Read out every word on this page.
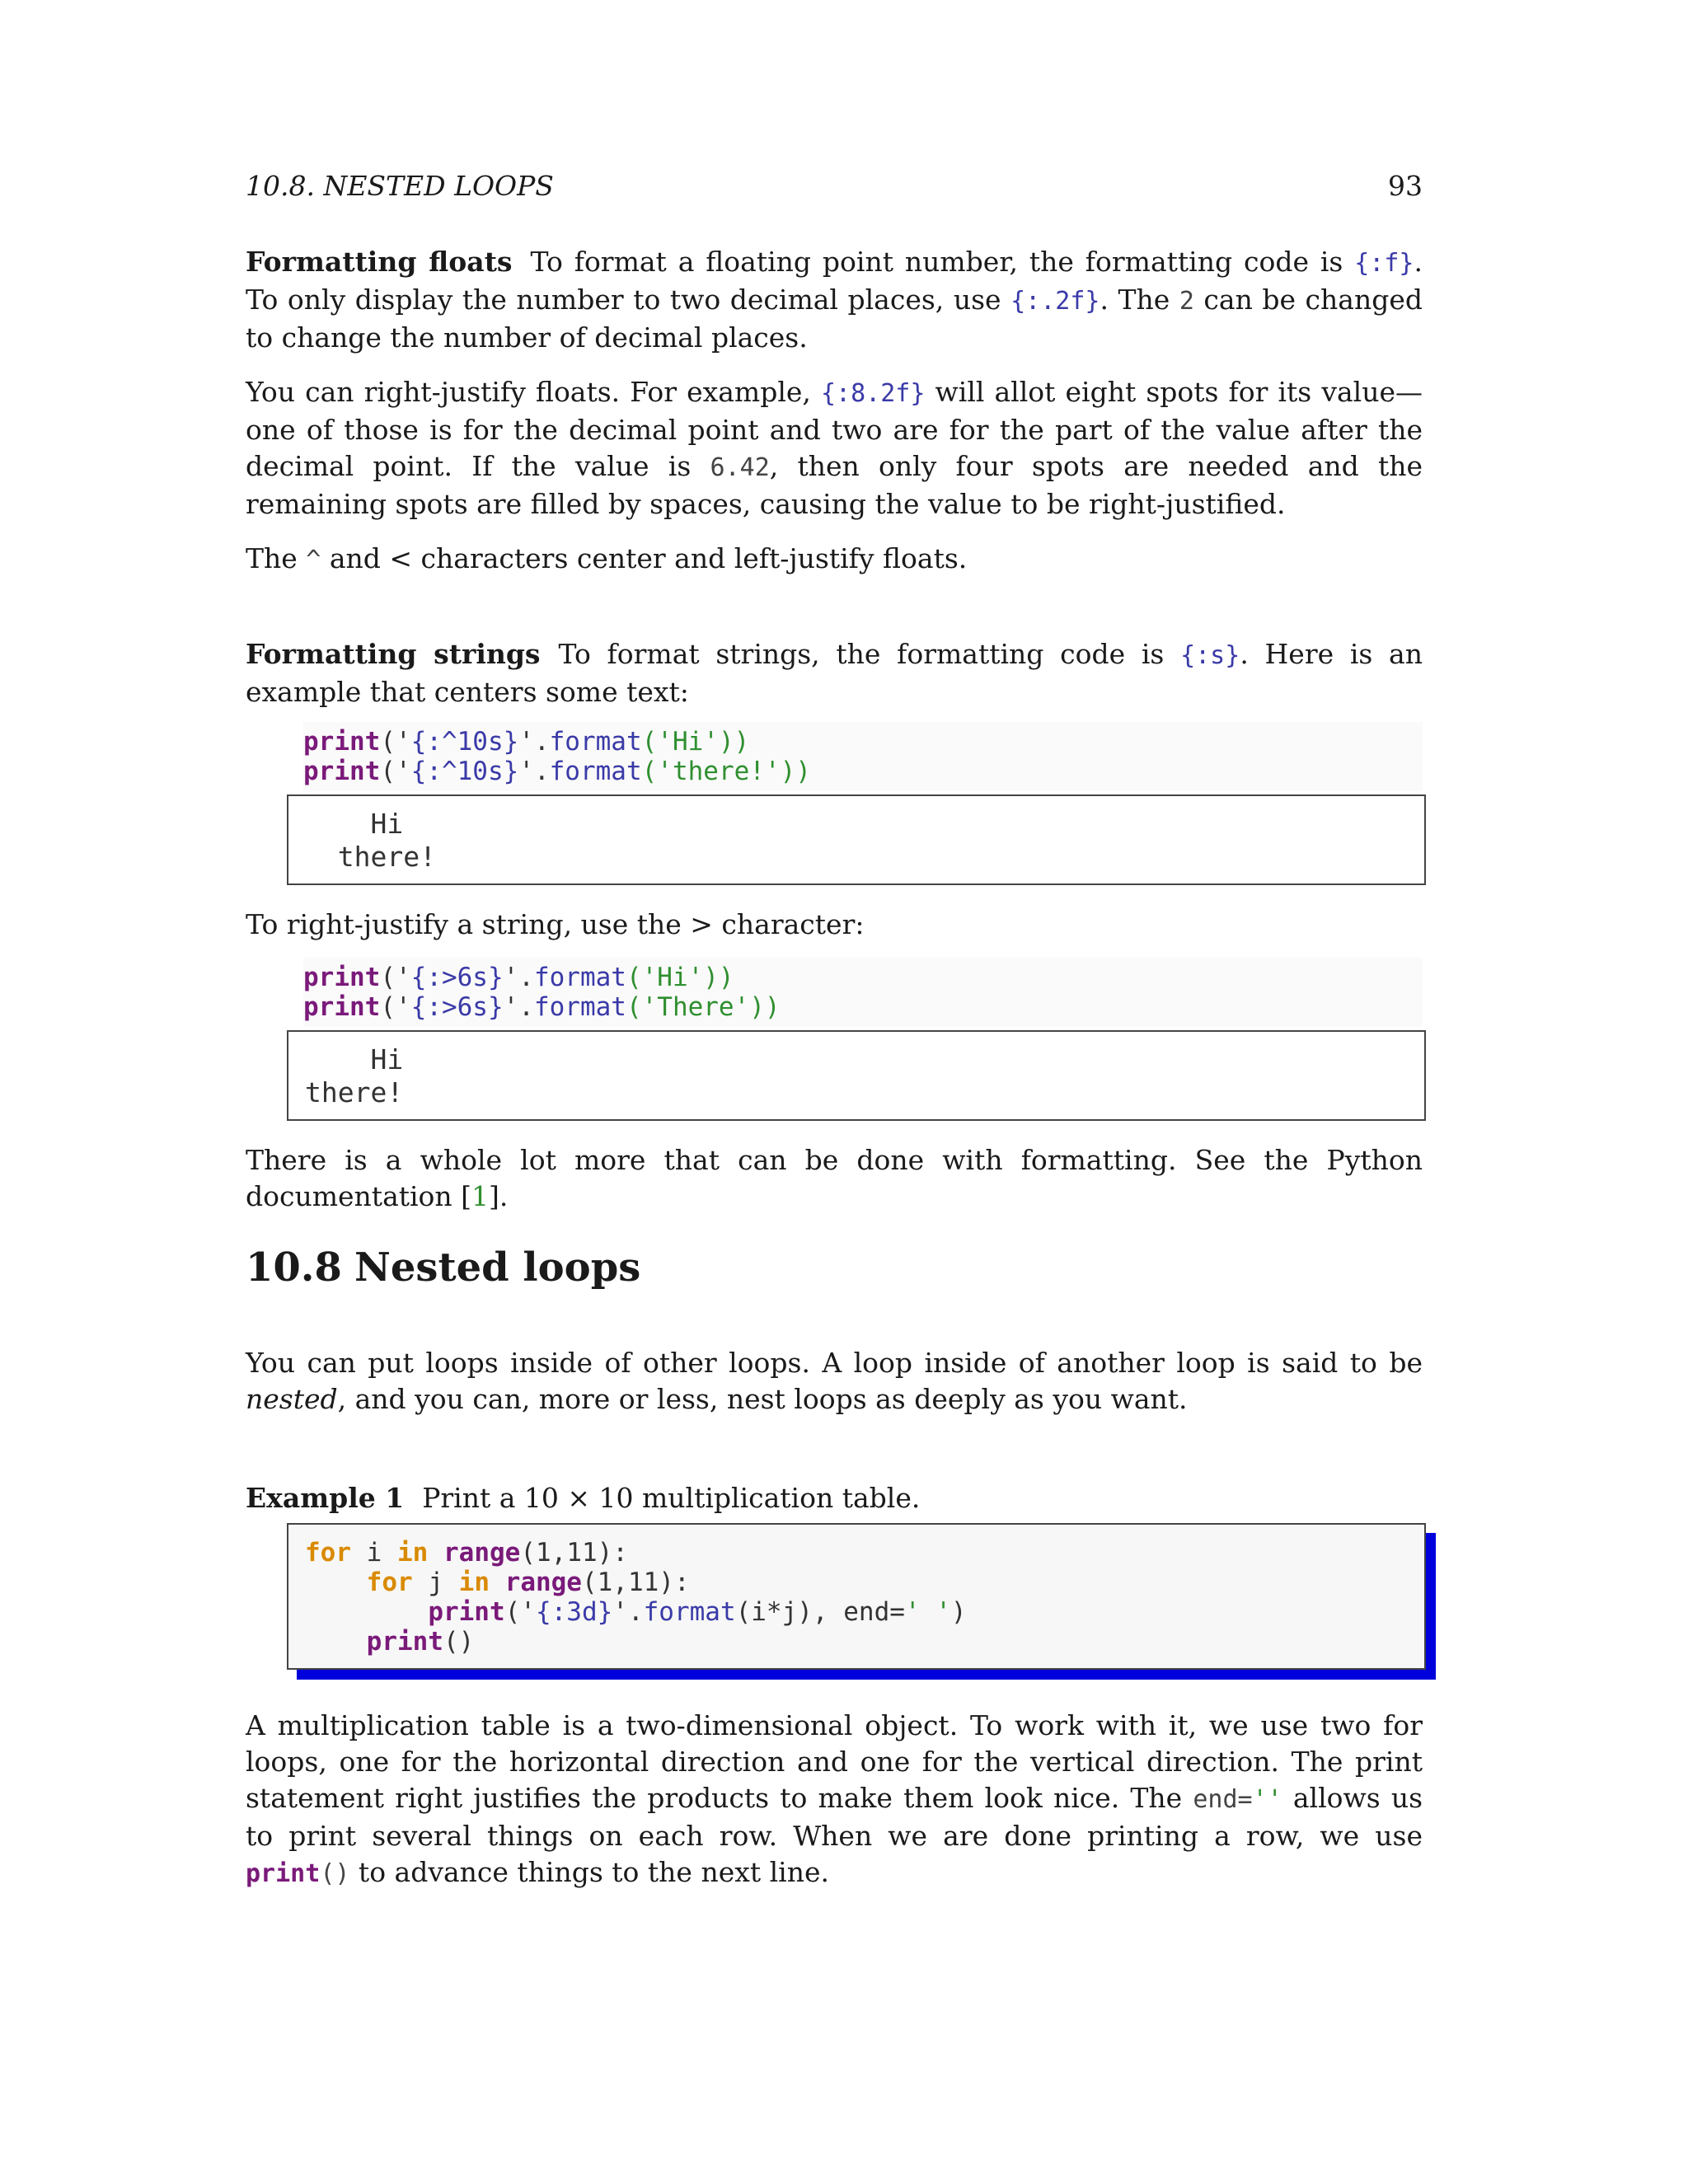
10.8. NESTED LOOPS	93

Formatting floats To format a floating point number, the formatting code is {:f}. To only display the number to two decimal places, use {:.2f}. The 2 can be changed to change the number of decimal places.

You can right-justify floats. For example, {:8.2f} will allot eight spots for its value—one of those is for the decimal point and two are for the part of the value after the decimal point. If the value is 6.42, then only four spots are needed and the remaining spots are filled by spaces, causing the value to be right-justified.

The ^ and < characters center and left-justify floats.

Formatting strings To format strings, the formatting code is {:s}. Here is an example that centers some text:

print('{:^10s}'.format('Hi'))
print('{:^10s}'.format('there!'))
Hi
there!

To right-justify a string, use the > character:

print('{:>6s}'.format('Hi'))
print('{:>6s}'.format('There'))
Hi
there!

There is a whole lot more that can be done with formatting. See the Python documentation [1].

10.8 Nested loops

You can put loops inside of other loops. A loop inside of another loop is said to be nested, and you can, more or less, nest loops as deeply as you want.

Example 1 Print a 10 × 10 multiplication table.

for i in range(1,11):
for j in range(1,11):
print('{:3d}'.format(i*j), end=' ')
print()

A multiplication table is a two-dimensional object. To work with it, we use two for loops, one for the horizontal direction and one for the vertical direction. The print statement right justifies the products to make them look nice. The end='' allows us to print several things on each row. When we are done printing a row, we use print() to advance things to the next line.
